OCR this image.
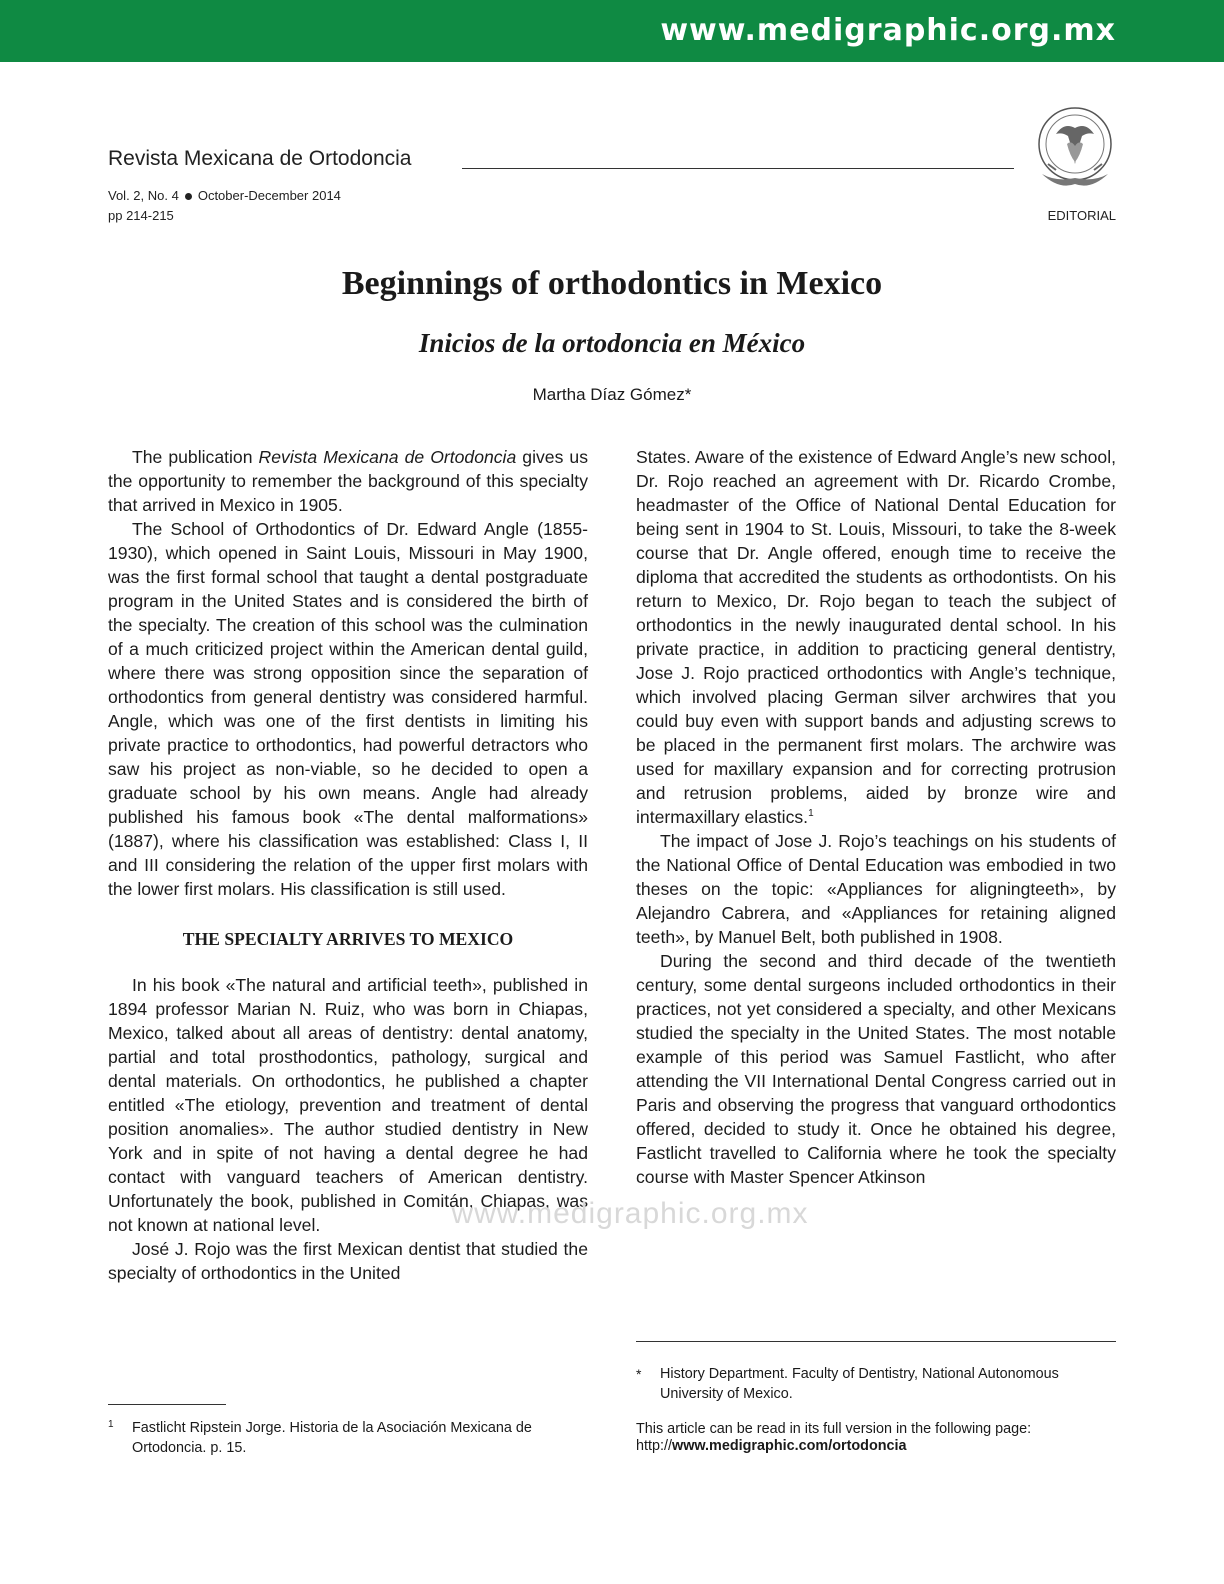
www.medigraphic.org.mx
Revista Mexicana de Ortodoncia
Vol. 2, No. 4 October-December 2014
pp 214-215	EDITORIAL
Beginnings of orthodontics in Mexico
Inicios de la ortodoncia en México
Martha Díaz Gómez*

The publication Revista Mexicana de Ortodoncia gives us the opportunity to remember the background of this specialty that arrived in Mexico in 1905.

The School of Orthodontics of Dr. Edward Angle (1855-1930), which opened in Saint Louis, Missouri in May 1900, was the first formal school that taught a dental postgraduate program in the United States and is considered the birth of the specialty. The creation of this school was the culmination of a much criticized project within the American dental guild, where there was strong opposition since the separation of orthodontics from general dentistry was considered harmful. Angle, which was one of the first dentists in limiting his private practice to orthodontics, had powerful detractors who saw his project as non-viable, so he decided to open a graduate school by his own means. Angle had already published his famous book «The dental malformations» (1887), where his classification was established: Class I, II and III considering the relation of the upper first molars with the lower first molars. His classification is still used.

THE SPECIALTY ARRIVES TO MEXICO

In his book «The natural and artificial teeth», published in 1894 professor Marian N. Ruiz, who was born in Chiapas, Mexico, talked about all areas of dentistry: dental anatomy, partial and total prosthodontics, pathology, surgical and dental materials. On orthodontics, he published a chapter entitled «The etiology, prevention and treatment of dental position anomalies». The author studied dentistry in New York and in spite of not having a dental degree he had contact with vanguard teachers of American dentistry. Unfortunately the book, published in Comitán, Chiapas, was not known at national level.

José J. Rojo was the first Mexican dentist that studied the specialty of orthodontics in the United

States. Aware of the existence of Edward Angle’s new school, Dr. Rojo reached an agreement with Dr. Ricardo Crombe, headmaster of the Office of National Dental Education for being sent in 1904 to St. Louis, Missouri, to take the 8-week course that Dr. Angle offered, enough time to receive the diploma that accredited the students as orthodontists. On his return to Mexico, Dr. Rojo began to teach the subject of orthodontics in the newly inaugurated dental school. In his private practice, in addition to practicing general dentistry, Jose J. Rojo practiced orthodontics with Angle’s technique, which involved placing German silver archwires that you could buy even with support bands and adjusting screws to be placed in the permanent first molars. The archwire was used for maxillary expansion and for correcting protrusion and retrusion problems, aided by bronze wire and intermaxillary elastics.$^1$

The impact of Jose J. Rojo’s teachings on his students of the National Office of Dental Education was embodied in two theses on the topic: «Appliances for aligningteeth», by Alejandro Cabrera, and «Appliances for retaining aligned teeth», by Manuel Belt, both published in 1908.

During the second and third decade of the twentieth century, some dental surgeons included orthodontics in their practices, not yet considered a specialty, and other Mexicans studied the specialty in the United States. The most notable example of this period was Samuel Fastlicht, who after attending the VII International Dental Congress carried out in Paris and observing the progress that vanguard orthodontics offered, decided to study it. Once he obtained his degree, Fastlicht travelled to California where he took the specialty course with Master Spencer Atkinson

1 Fastlicht Ripstein Jorge. Historia de la Asociación Mexicana de Ortodoncia. p. 15.
* History Department. Faculty of Dentistry, National Autonomous University of Mexico.
This article can be read in its full version in the following page:
http://www.medigraphic.com/ortodoncia
www.medigraphic.org.mx
